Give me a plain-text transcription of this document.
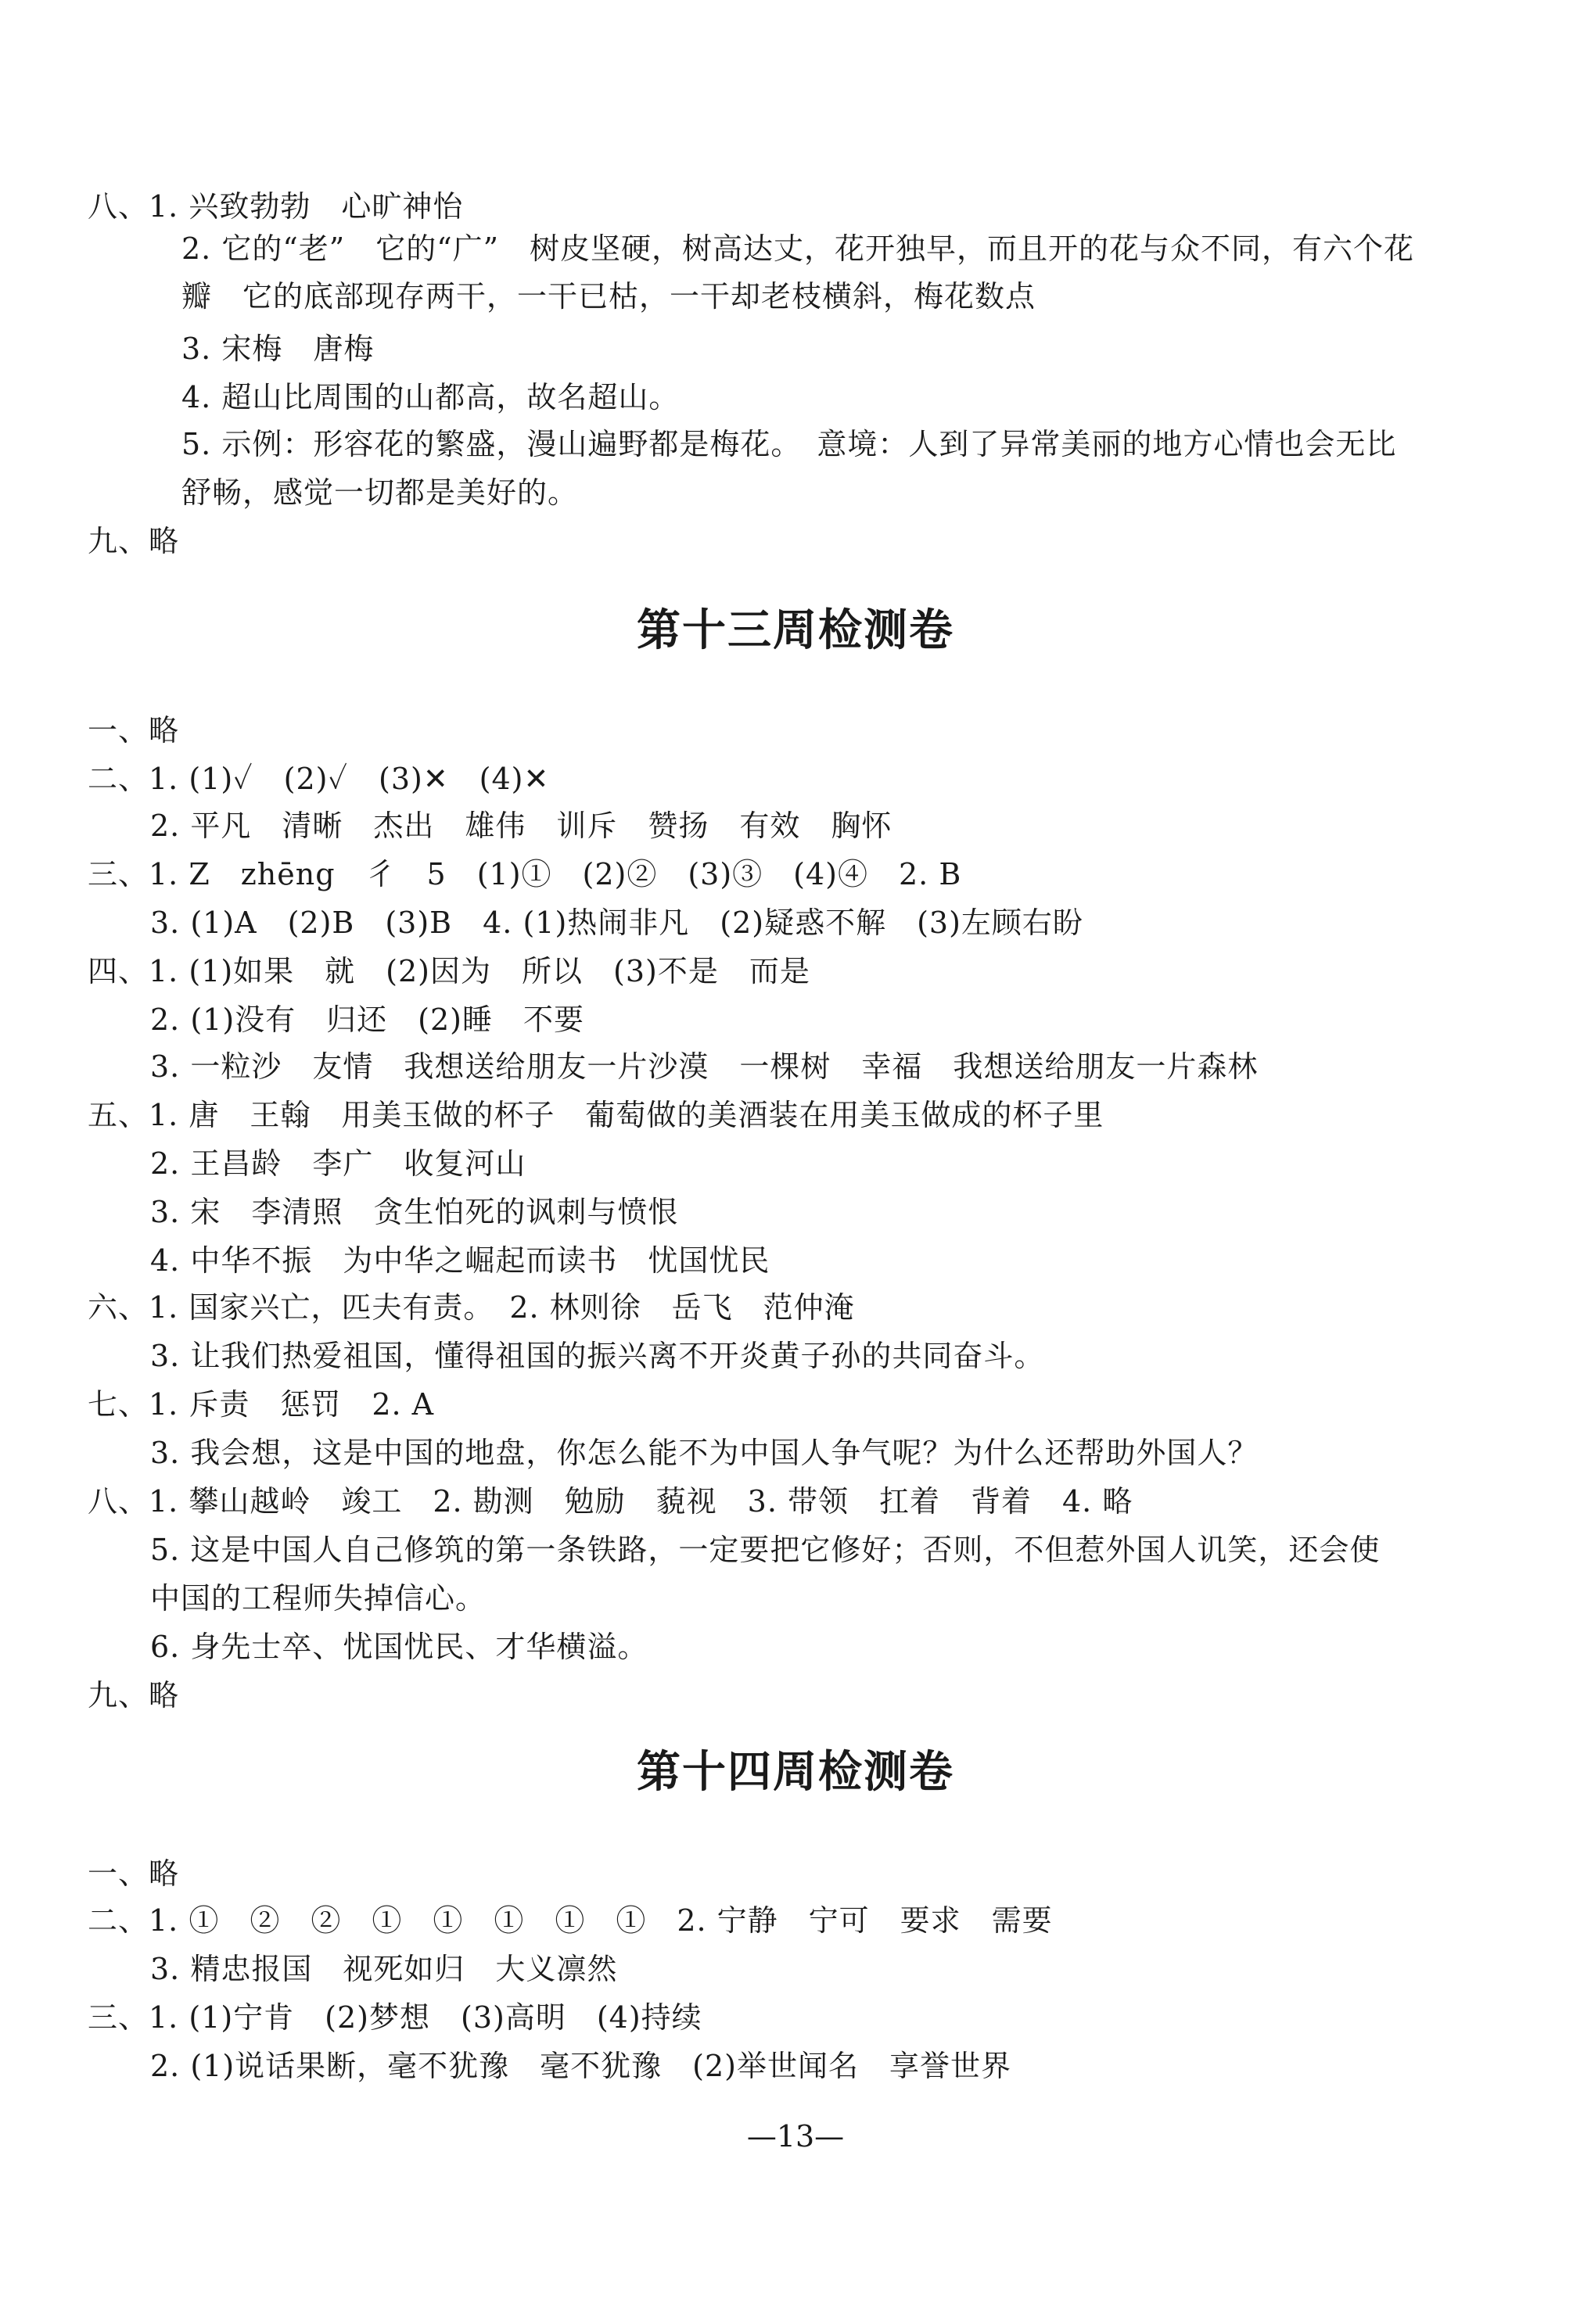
八、1. 兴致勃勃　心旷神怡
2. 它的“老”　它的“广”　树皮坚硬，树高达丈，花开独早，而且开的花与众不同，有六个花
瓣　它的底部现存两干，一干已枯，一干却老枝横斜，梅花数点
3. 宋梅　唐梅
4. 超山比周围的山都高，故名超山。
5. 示例：形容花的繁盛，漫山遍野都是梅花。　意境：人到了异常美丽的地方心情也会无比
舒畅，感觉一切都是美好的。
九、略
第十三周检测卷
一、略
二、1. (1)✓　(2)✓　(3)✕　(4)✕
2. 平凡　清晰　杰出　雄伟　训斥　赞扬　有效　胸怀
三、1. Z　zhēng　彳　5　(1)①　(2)②　(3)③　(4)④　2. B
3. (1)A　(2)B　(3)B　4. (1)热闹非凡　(2)疑惑不解　(3)左顾右盼
四、1. (1)如果　就　(2)因为　所以　(3)不是　而是
2. (1)没有　归还　(2)睡　不要
3. 一粒沙　友情　我想送给朋友一片沙漠　一棵树　幸福　我想送给朋友一片森林
五、1. 唐　王翰　用美玉做的杯子　葡萄做的美酒装在用美玉做成的杯子里
2. 王昌龄　李广　收复河山
3. 宋　李清照　贪生怕死的讽刺与愤恨
4. 中华不振　为中华之崛起而读书　忧国忧民
六、1. 国家兴亡，匹夫有责。　2. 林则徐　岳飞　范仲淹
3. 让我们热爱祖国，懂得祖国的振兴离不开炎黄子孙的共同奋斗。
七、1. 斥责　惩罚　2. A
3. 我会想，这是中国的地盘，你怎么能不为中国人争气呢？为什么还帮助外国人？
八、1. 攀山越岭　竣工　2. 勘测　勉励　藐视　3. 带领　扛着　背着　4. 略
5. 这是中国人自己修筑的第一条铁路，一定要把它修好；否则，不但惹外国人讥笑，还会使
中国的工程师失掉信心。
6. 身先士卒、忧国忧民、才华横溢。
九、略
第十四周检测卷
一、略
二、1. ①　②　②　①　①　①　①　①　2. 宁静　宁可　要求　需要
3. 精忠报国　视死如归　大义凛然
三、1. (1)宁肯　(2)梦想　(3)高明　(4)持续
2. (1)说话果断，毫不犹豫　毫不犹豫　(2)举世闻名　享誉世界
—13—
